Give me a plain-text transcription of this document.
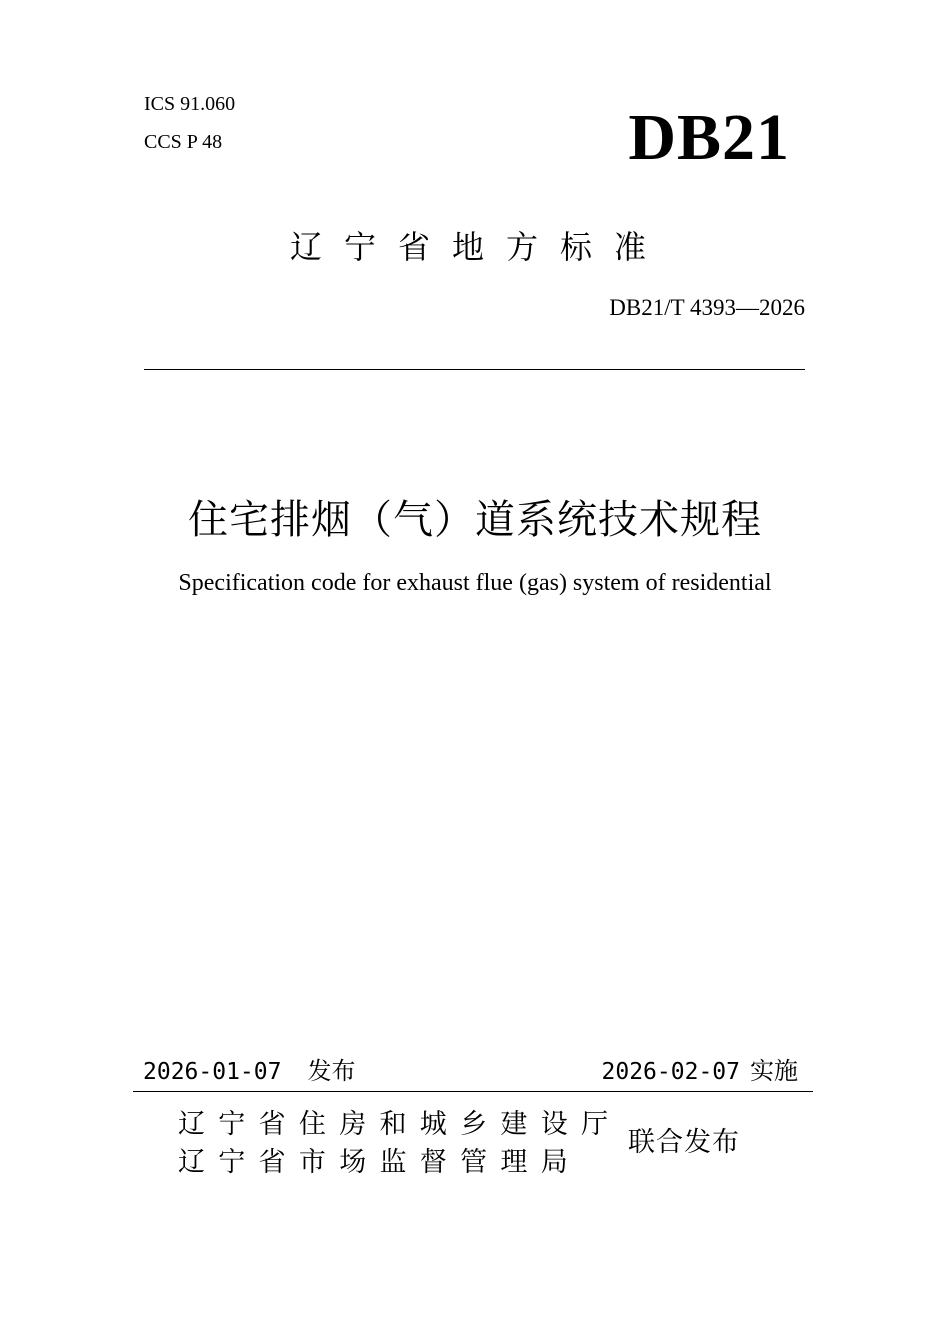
ICS 91.060

CCS P 48	DB21

辽宁省地方标准

DB21/T 4393—2026

住宅排烟（气）道系统技术规程

Specification code for exhaust flue (gas) system of residential

2026-01-07 发布	2026-02-07 实施

辽宁省住房和城乡建设厅

辽宁省市场监督管理局

联合发布
